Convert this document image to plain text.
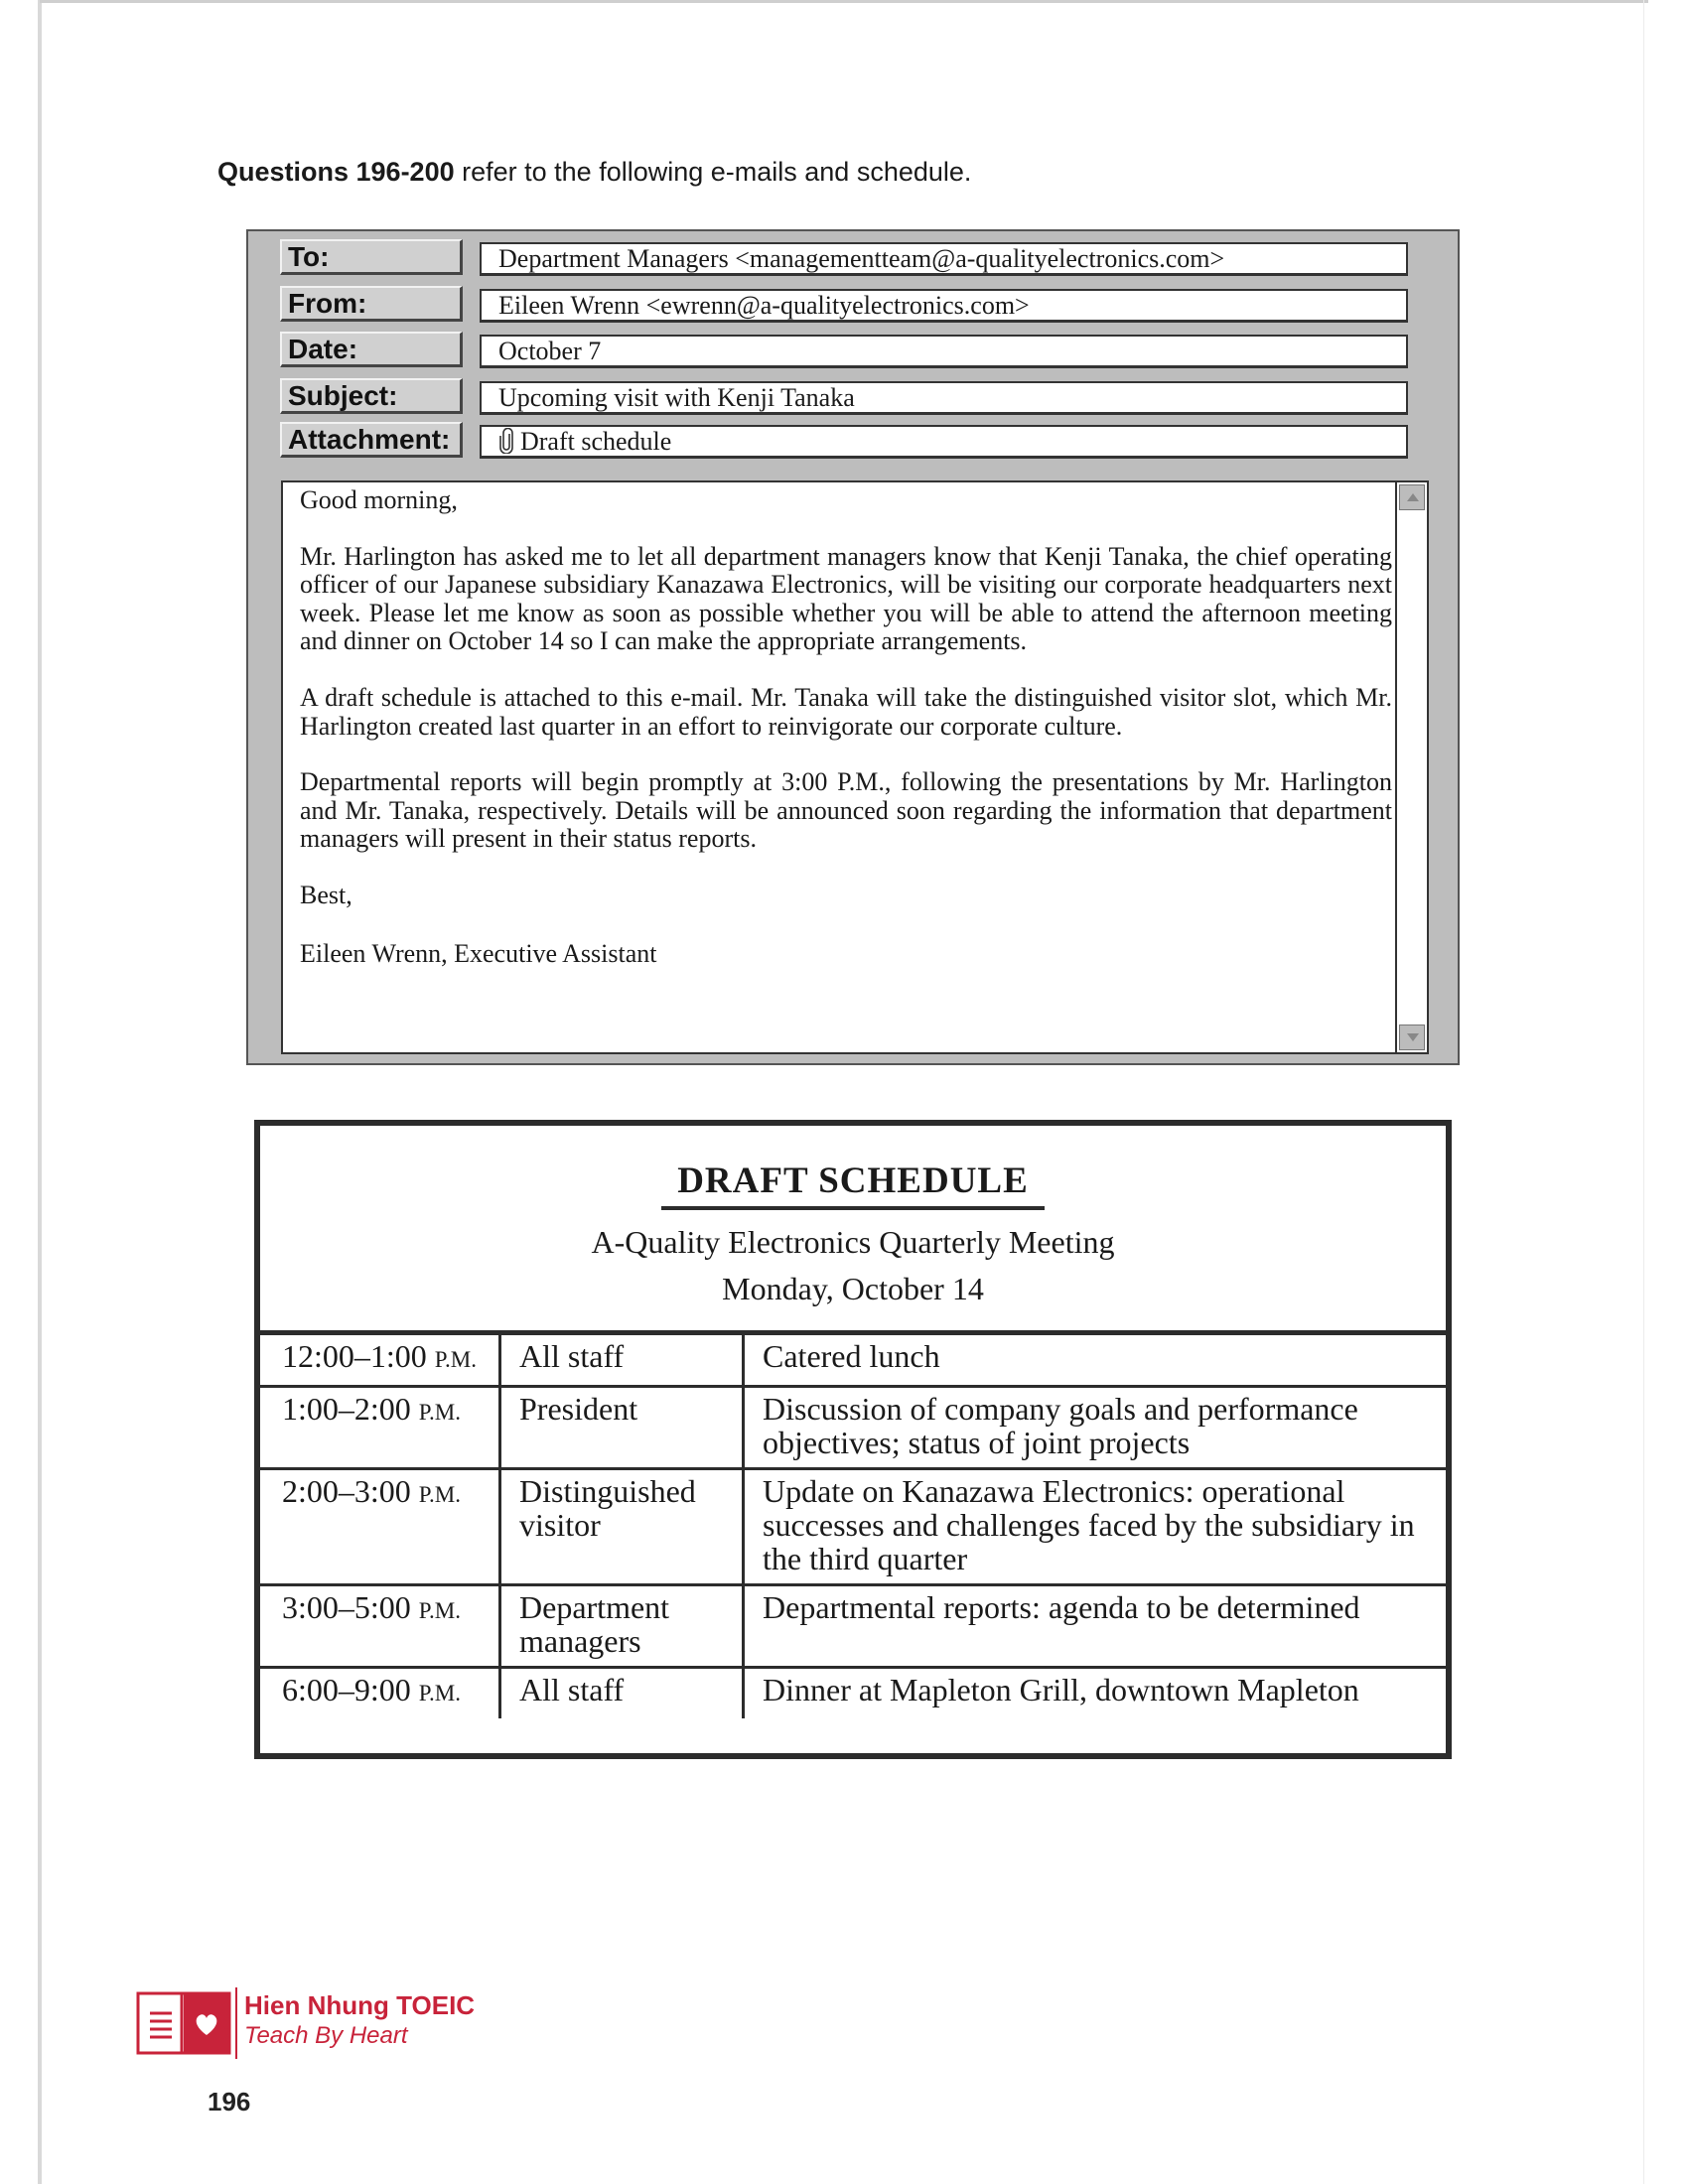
Questions 196-200 refer to the following e-mails and schedule.
To:	Department Managers <managementteam@a-qualityelectronics.com>
From:	Eileen Wrenn <ewrenn@a-qualityelectronics.com>
Date:	October 7
Subject:	Upcoming visit with Kenji Tanaka
Attachment:	Draft schedule

Good morning,

Mr. Harlington has asked me to let all department managers know that Kenji Tanaka, the chief operating officer of our Japanese subsidiary Kanazawa Electronics, will be visiting our corporate headquarters next week. Please let me know as soon as possible whether you will be able to attend the afternoon meeting and dinner on October 14 so I can make the appropriate arrangements.

A draft schedule is attached to this e-mail. Mr. Tanaka will take the distinguished visitor slot, which Mr. Harlington created last quarter in an effort to reinvigorate our corporate culture.

Departmental reports will begin promptly at 3:00 P.M., following the presentations by Mr. Harlington and Mr. Tanaka, respectively. Details will be announced soon regarding the information that department managers will present in their status reports.

Best,

Eileen Wrenn, Executive Assistant

DRAFT SCHEDULE
A-Quality Electronics Quarterly Meeting
Monday, October 14
12:00–1:00 P.M.	All staff	Catered lunch
1:00–2:00 P.M.	President	Discussion of company goals and performance objectives; status of joint projects
2:00–3:00 P.M.	Distinguished visitor	Update on Kanazawa Electronics: operational successes and challenges faced by the subsidiary in the third quarter
3:00–5:00 P.M.	Department managers	Departmental reports: agenda to be determined
6:00–9:00 P.M.	All staff	Dinner at Mapleton Grill, downtown Mapleton
Hien Nhung TOEIC
Teach By Heart
196
